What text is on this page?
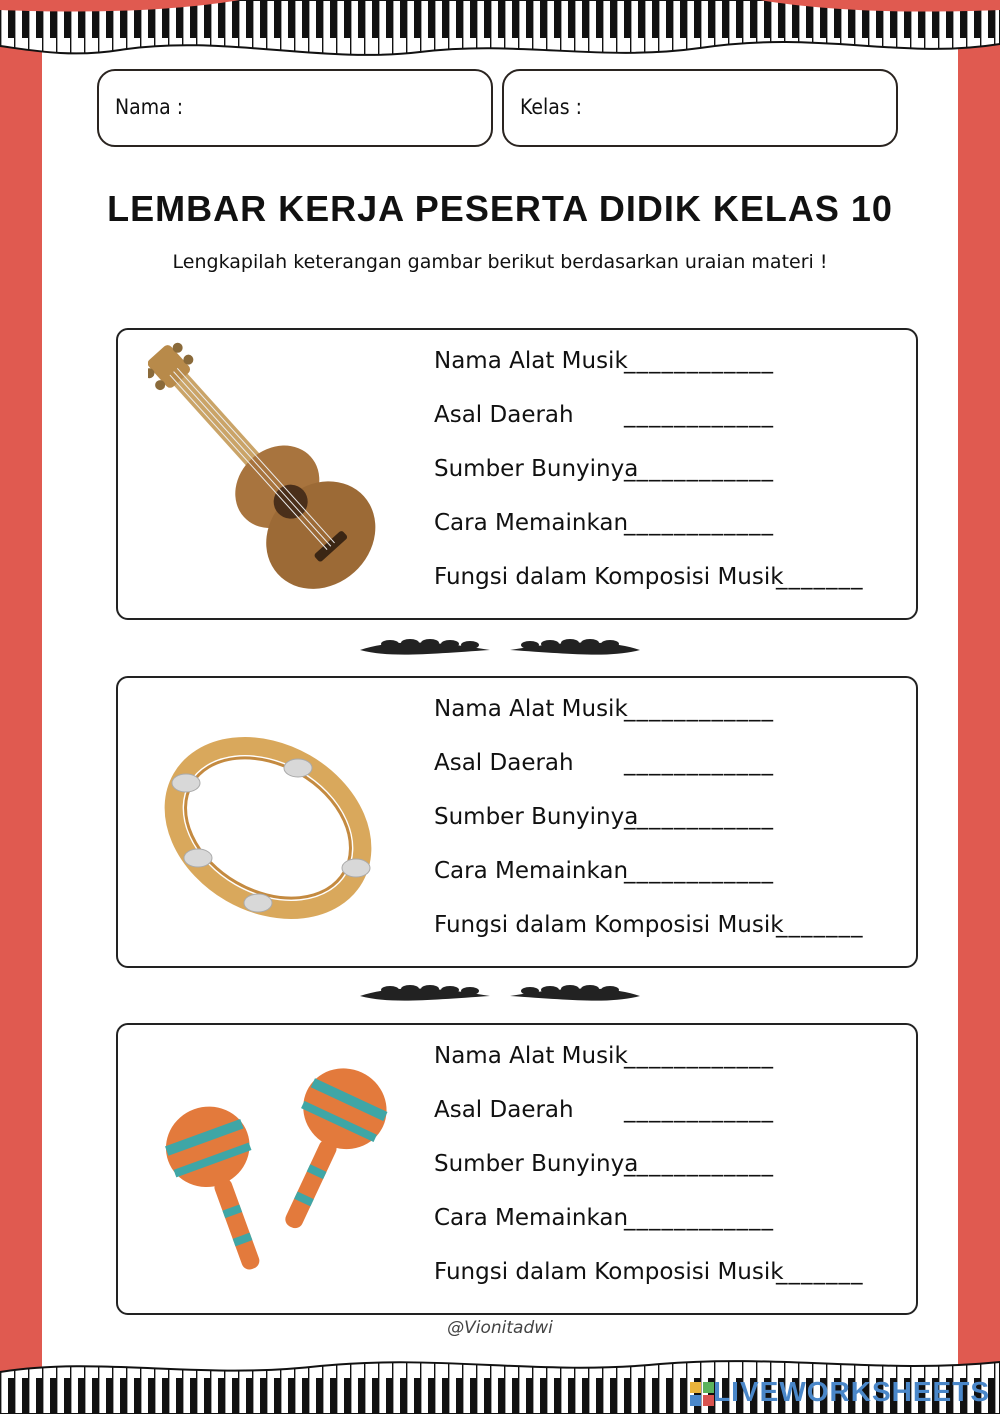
Nama :	Kelas :
LEMBAR KERJA PESERTA DIDIK KELAS 10
Lengkapilah keterangan gambar berikut berdasarkan uraian materi !
Nama Alat Musik
____________
Asal Daerah ____________
Sumber Bunyinya
____________
Cara Memainkan
____________
Fungsi dalam Komposisi Musik
_______
Nama Alat Musik
____________
Asal Daerah ____________
Sumber Bunyinya
____________
Cara Memainkan
____________
Fungsi dalam Komposisi Musik
_______
Nama Alat Musik
____________
Asal Daerah ____________
Sumber Bunyinya
____________
Cara Memainkan
____________
Fungsi dalam Komposisi Musik
_______
@Vionitadwi
LIVEWORKSHEETS
